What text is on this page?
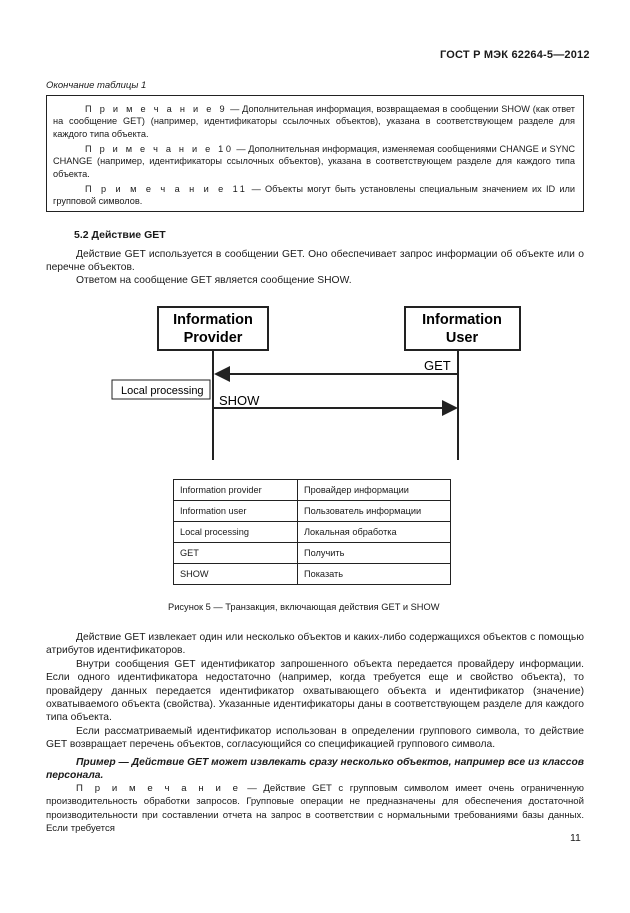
ГОСТ Р МЭК 62264-5—2012
Окончание таблицы 1
П р и м е ч а н и е 9 — Дополнительная информация, возвращаемая в сообщении SHOW (как ответ на сообщение GET) (например, идентификаторы ссылочных объектов), указана в соответствующем разделе для каждого типа объекта.
П р и м е ч а н и е 10 — Дополнительная информация, изменяемая сообщениями CHANGE и SYNC CHANGE (например, идентификаторы ссылочных объектов), указана в соответствующем разделе для каждого типа объекта.
П р и м е ч а н и е 11 — Объекты могут быть установлены специальным значением их ID или групповой символов.
5.2 Действие GET
Действие GET используется в сообщении GET. Оно обеспечивает запрос информации об объекте или о перечне объектов.
Ответом на сообщение GET является сообщение SHOW.
Information
Provider
Information
User
GET
Local processing
SHOW
Information provider	Провайдер информации
Information user	Пользователь информации
Local processing	Локальная обработка
GET	Получить
SHOW	Показать
Рисунок 5 — Транзакция, включающая действия GET и SHOW
Действие GET извлекает один или несколько объектов и каких-либо содержащихся объектов с помощью атрибутов идентификаторов.
Внутри сообщения GET идентификатор запрошенного объекта передается провайдеру информации. Если одного идентификатора недостаточно (например, когда требуется еще и свойство объекта), то провайдеру данных передается идентификатор охватывающего объекта и идентификатор (значение) охватываемого объекта (свойства). Указанные идентификаторы даны в соответствующем разделе для каждого типа объекта.
Если рассматриваемый идентификатор использован в определении группового символа, то действие GET возвращает перечень объектов, согласующийся со спецификацией группового символа.
Пример — Действие GET может извлекать сразу несколько объектов, например все из классов персонала.
П р и м е ч а н и е — Действие GET с групповым символом имеет очень ограниченную производительность обработки запросов. Групповые операции не предназначены для обеспечения достаточной производительности при составлении отчета на запрос в соответствии с нормальными требованиями базы данных. Если требуется
11
